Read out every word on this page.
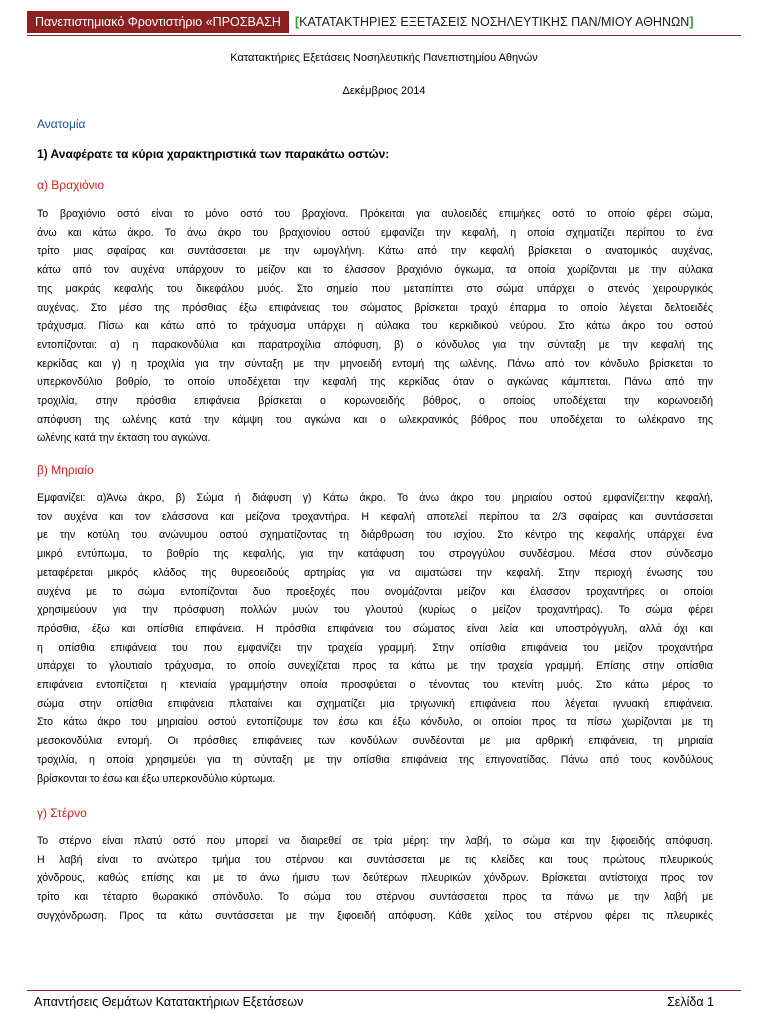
Πανεπιστημιακό Φροντιστήριο «ΠΡΟΣΒΑΣΗ	[ΚΑΤΑΤΑΚΤΗΡΙΕΣ ΕΞΕΤΑΣΕΙΣ ΝΟΣΗΛΕΥΤΙΚΗΣ ΠΑΝ/ΜΙΟΥ ΑΘΗΝΩΝ]
Κατατακτήριες Εξετάσεις Νοσηλευτικής Πανεπιστημίου Αθηνών
Δεκέμβριος 2014
Ανατομία
1) Αναφέρατε τα κύρια χαρακτηριστικά των παρακάτω οστών:
α) Βραχιόνιο
Το βραχιόνιο οστό είναι το μόνο οστό του βραχίονα. Πρόκειται για αυλοειδές επιμήκες οστό το οποίο φέρει σώμα,
άνω και κάτω άκρο. Το άνω άκρο του βραχιονίου οστού εμφανίζει την κεφαλή, η οποία σχηματίζει περίπου το ένα
τρίτο μιας σφαίρας και συντάσσεται με την ωμογλήνη. Κάτω από την κεφαλή βρίσκεται ο ανατομικός αυχένας,
κάτω από τον αυχένα υπάρχουν το μείζον και το έλασσον βραχιόνιο όγκωμα, τα οποία χωρίζονται με την αύλακα
της μακράς κεφαλής του δικεφάλου μυός. Στο σημείο που μεταπίπτει στο σώμα υπάρχει ο στενός χειρουργικός
αυχένας. Στο μέσο της πρόσθιας έξω επιφάνειας του σώματος βρίσκεται τραχύ έπαρμα το οποίο λέγεται δελτοειδές
τράχυσμα. Πίσω και κάτω από το τράχυσμα υπάρχει η αύλακα του κερκιδικού νεύρου. Στο κάτω άκρο του οστού
εντοπίζονται: α) η παρακονδύλια και παρατροχίλια απόφυση, β) ο κόνδυλος για την σύνταξη με την κεφαλή της
κερκίδας και γ) η τροχιλία για την σύνταξη με την μηνοειδή εντομή της ωλένης. Πάνω από τον κόνδυλο βρίσκεται το
υπερκονδύλιο βοθρίο, το οποίο υποδέχεται την κεφαλή της κερκίδας όταν ο αγκώνας κάμπτεται. Πάνω από την
τροχιλία, στην πρόσθια επιφάνεια βρίσκεται ο κορωνοειδής βόθρος, ο οποίος υποδέχεται την κορωνοειδή
απόφυση της ωλένης κατά την κάμψη του αγκώνα και ο ωλεκρανικός βόθρος που υποδέχεται το ωλέκρανο της
ωλένης κατά την έκταση του αγκώνα.
β) Μηριαίο
Εμφανίζει: α)Άνω άκρο, β) Σώμα ή διάφυση γ) Κάτω άκρο. Το άνω άκρο του μηριαίου οστού εμφανίζει:την κεφαλή,
τον αυχένα και τον ελάσσονα και μείζονα τροχαντήρα. Η κεφαλή αποτελεί περίπου τα 2/3 σφαίρας και συντάσσεται
με την κοτύλη του ανώνυμου οστού σχηματίζοντας τη διάρθρωση του ισχίου. Στο κέντρο της κεφαλής υπάρχει ένα
μικρό εντύπωμα, το βοθρίο της κεφαλής, για την κατάφυση του στρογγύλου συνδέσμου. Μέσα στον σύνδεσμο
μεταφέρεται μικρός κλάδος της θυρεοειδούς αρτηρίας για να αιματώσει την κεφαλή. Στην περιοχή ένωσης του
αυχένα με το σώμα εντοπίζονται δυο προεξοχές που ονομάζονται μείζον και έλασσον τροχαντήρες οι οποίοι
χρησιμεύουν για την πρόσφυση πολλών μυών του γλουτού (κυρίως ο μείζον τροχαντήρας). Το σώμα φέρει
πρόσθια, έξω και οπίσθια επιφάνεια. Η πρόσθια επιφάνεια του σώματος είναι λεία και υποστρόγγυλη, αλλά όχι και
η οπίσθια επιφάνεια του που εμφανίζει την τραχεία γραμμή. Στην οπίσθια επιφάνεια του μείζον τροχαντήρα
υπάρχει το γλουτιαίο τράχυσμα, το οποίο συνεχίζεται προς τα κάτω με την τραχεία γραμμή. Επίσης στην οπίσθια
επιφάνεια εντοπίζεται η κτενιαία γραμμήστην οποία προσφύεται ο τένοντας του κτενίτη μυός. Στο κάτω μέρος το
σώμα στην οπίσθια επιφάνεια πλαταίνει και σχηματίζει μια τριγωνική επιφάνεια που λέγεται ιγνυακή επιφάνεια.
Στο κάτω άκρο του μηριαίου οστού εντοπίζουμε τον έσω και έξω κόνδυλο, οι οποίοι προς τα πίσω χωρίζονται με τη
μεσοκονδύλια εντομή. Οι πρόσθιες επιφάνειες των κονδύλων συνδέονται με μια αρθρική επιφάνεια, τη μηριαία
τροχιλία, η οποία χρησιμεύει για τη σύνταξη με την οπίσθια επιφάνεια της επιγονατίδας. Πάνω από τους κονδύλους
βρίσκονται το έσω και έξω υπερκονδύλιο κύρτωμα.
γ) Στέρνο
Το στέρνο είναι πλατύ οστό που μπορεί να διαιρεθεί σε τρία μέρη: την λαβή, το σώμα και την ξιφοειδής απόφυση.
Η λαβή είναι το ανώτερο τμήμα του στέρνου και συντάσσεται με τις κλείδες και τους πρώτους πλευρικούς
χόνδρους, καθώς επίσης και με το άνω ήμισυ των δεύτερων πλευρικών χόνδρων. Βρίσκεται αντίστοιχα προς τον
τρίτο και τέταρτο θωρακικό σπόνδυλο. Το σώμα του στέρνου συντάσσεται προς τα πάνω με την λαβή με
συγχόνδρωση. Προς τα κάτω συντάσσεται με την ξιφοειδή απόφυση. Κάθε χείλος του στέρνου φέρει τις πλευρικές
Απαντήσεις Θεμάτων Κατατακτήριων Εξετάσεων	Σελίδα 1
